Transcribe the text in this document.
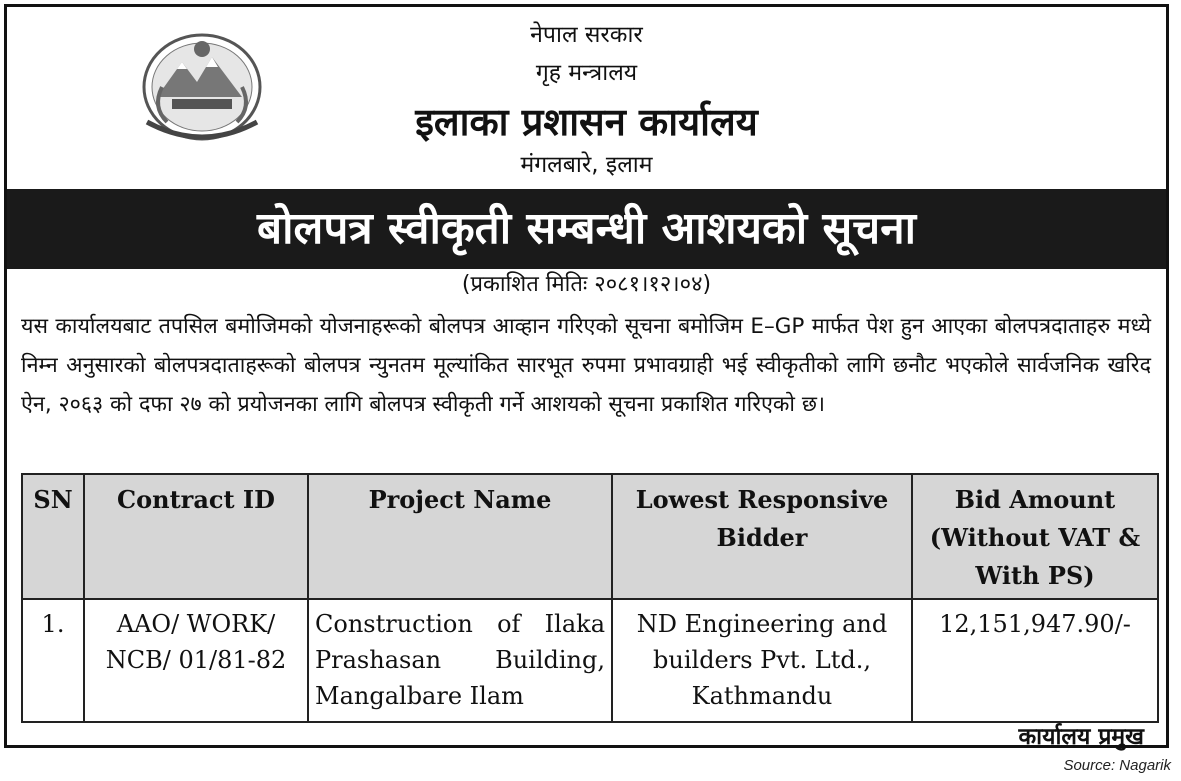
नेपाल सरकार
गृह मन्त्रालय
इलाका प्रशासन कार्यालय
मंगलबारे, इलाम
बोलपत्र स्वीकृती सम्बन्धी आशयको सूचना
(प्रकाशित मितिः २०८१।१२।०४)
यस कार्यालयबाट तपसिल बमोजिमको योजनाहरूको बोलपत्र आव्हान गरिएको सूचना बमोजिम E–GP मार्फत पेश हुन आएका बोलपत्रदाताहरु मध्ये निम्न अनुसारको बोलपत्रदाताहरूको बोलपत्र न्युनतम मूल्यांकित सारभूत रुपमा प्रभावग्राही भई स्वीकृतीको लागि छनौट भएकोले सार्वजनिक खरिद ऐन, २०६३ को दफा २७ को प्रयोजनका लागि बोलपत्र स्वीकृती गर्ने आशयको सूचना प्रकाशित गरिएको छ।
SN	Contract ID	Project Name	Lowest Responsive Bidder	Bid Amount (Without VAT & With PS)
1.	AAO/ WORK/ NCB/ 01/81-82	Construction of Ilaka Prashasan Building, Mangalbare Ilam	ND Engineering and builders Pvt. Ltd., Kathmandu	12,151,947.90/-
कार्यालय प्रमुख
Source: Nagarik
